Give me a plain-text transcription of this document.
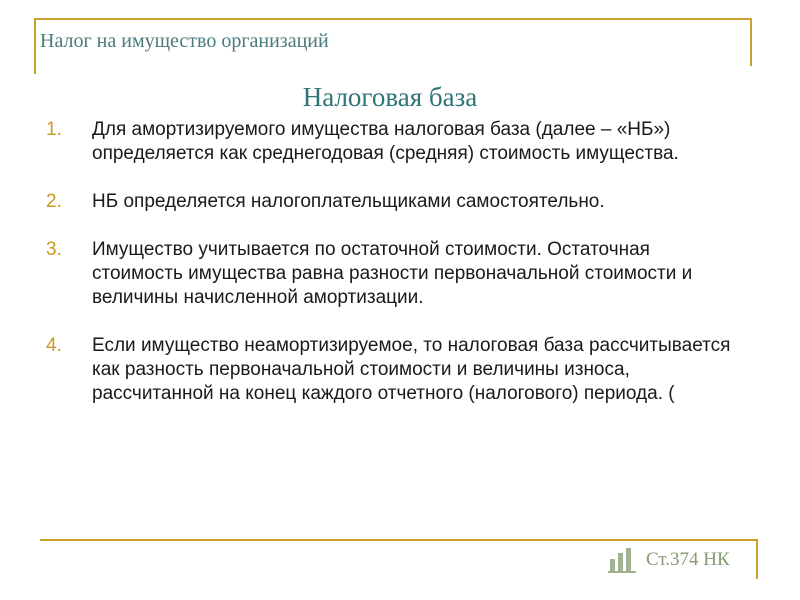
Налог на имущество организаций
Налоговая база
1.	Для амортизируемого имущества налоговая база (далее – «НБ») определяется как среднегодовая (средняя) стоимость имущества.
2.	НБ определяется налогоплательщиками самостоятельно.
3.	Имущество учитывается по остаточной стоимости. Остаточная стоимость имущества равна разности первоначальной стоимости и величины начисленной амортизации.
4.	Если имущество неамортизируемое, то налоговая база рассчитывается как разность первоначальной стоимости и величины износа, рассчитанной на конец каждого отчетного (налогового) периода. (
Ст.374 НК
